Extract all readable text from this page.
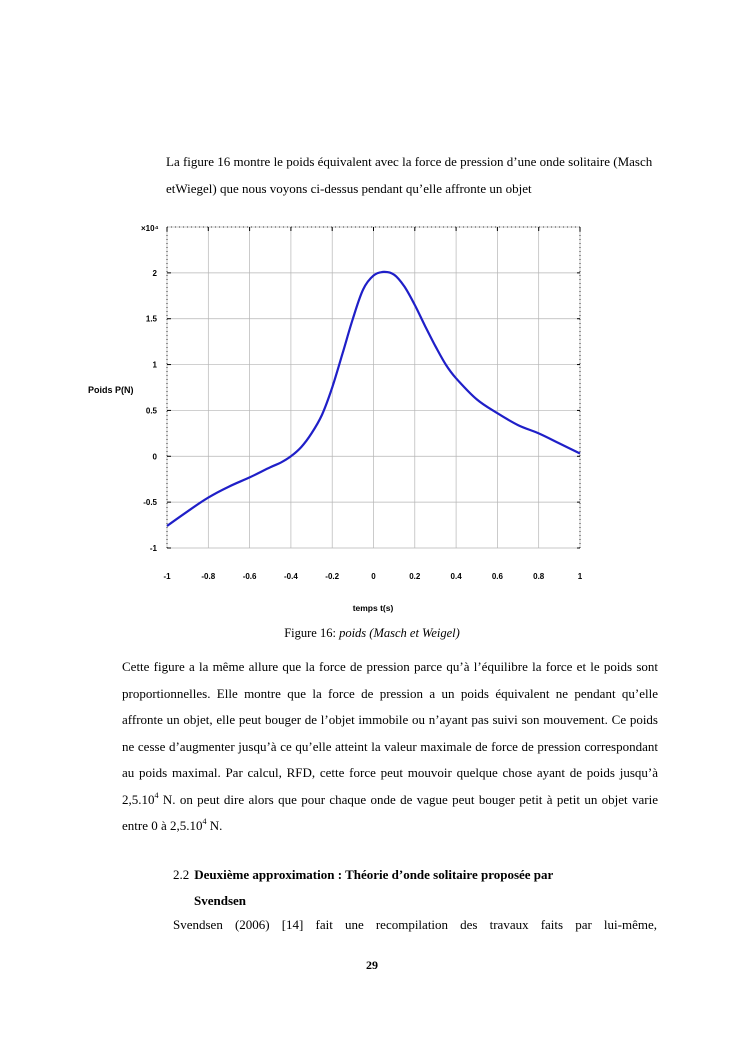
La figure 16 montre le poids équivalent avec la force de pression d’une onde solitaire (Masch etWiegel) que nous voyons ci-dessus pendant qu’elle affronte un objet
-1	-0.8	-0.6	-0.4	-0.2	0	0.2	0.4	0.6	0.8	1
-1
-0.5
0
0.5
1
1.5
2
×10⁴
Poids P(N)
temps t(s)
Figure 16: poids (Masch et Weigel)
Cette figure a la même allure que la force de pression parce qu’à l’équilibre la force et le poids sont proportionnelles. Elle montre que la force de pression a un poids équivalent ne pendant qu’elle affronte un objet, elle peut bouger de l’objet immobile ou n’ayant pas suivi son mouvement. Ce poids ne cesse d’augmenter jusqu’à ce qu’elle atteint la valeur maximale de force de pression correspondant au poids maximal. Par calcul, RFD, cette force peut mouvoir quelque chose ayant de poids jusqu’à 2,5.10$^4$ N. on peut dire alors que pour chaque onde de vague peut bouger petit à petit un objet varie entre 0 à 2,5.10$^4$ N.
2.2 Deuxième approximation : Théorie d’onde solitaire proposée par
Svendsen
Svendsen (2006) [14] fait une recompilation des travaux faits par lui-même,
29
